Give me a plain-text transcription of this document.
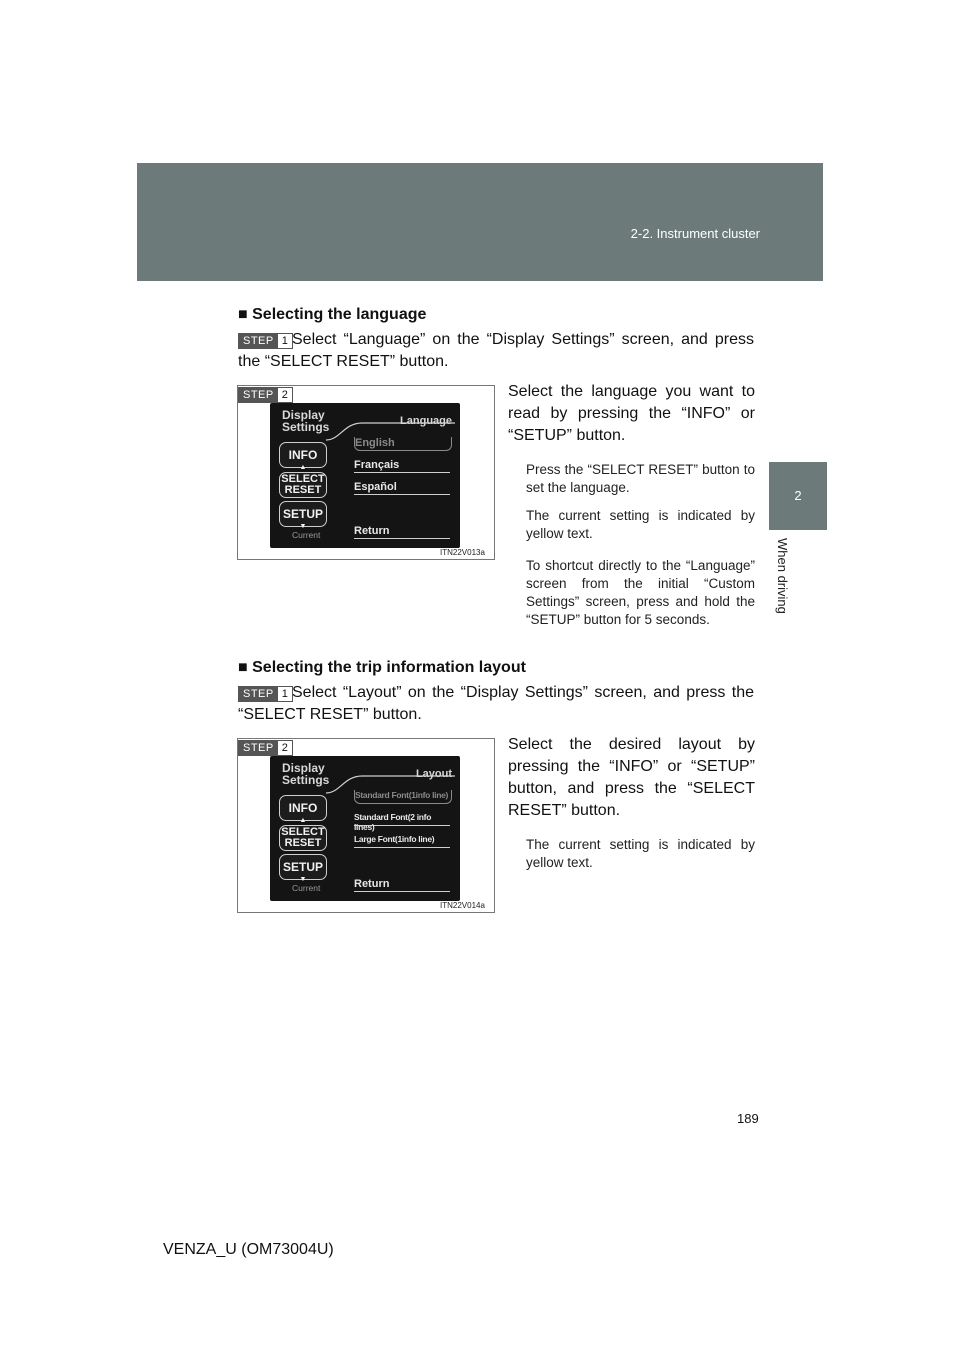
2-2. Instrument cluster
2
When driving
■ Selecting the language
STEP 1 Select “Language” on the “Display Settings” screen, and press the “SELECT RESET” button.
STEP 2
Display
Settings	Language
INFO
▲
SELECT
RESET
SETUP
▼
Current
English
Français
Español
Return
ITN22V013a
Select the language you want to read by pressing the “INFO” or “SETUP” button.
Press the “SELECT RESET” button to set the language.
The current setting is indicated by yellow text.
To shortcut directly to the “Language” screen from the initial “Custom Settings” screen, press and hold the “SETUP” button for 5 seconds.
■ Selecting the trip information layout
STEP 1 Select “Layout” on the “Display Settings” screen, and press the “SELECT RESET” button.
STEP 2
Display
Settings	Layout
INFO
▲
SELECT
RESET
SETUP
▼
Current
Standard Font(1info line)
Standard Font(2 info lines)
Large Font(1info line)
Return
ITN22V014a
Select the desired layout by pressing the “INFO” or “SETUP” button, and press the “SELECT RESET” button.
The current setting is indicated by yellow text.
189
VENZA_U (OM73004U)
